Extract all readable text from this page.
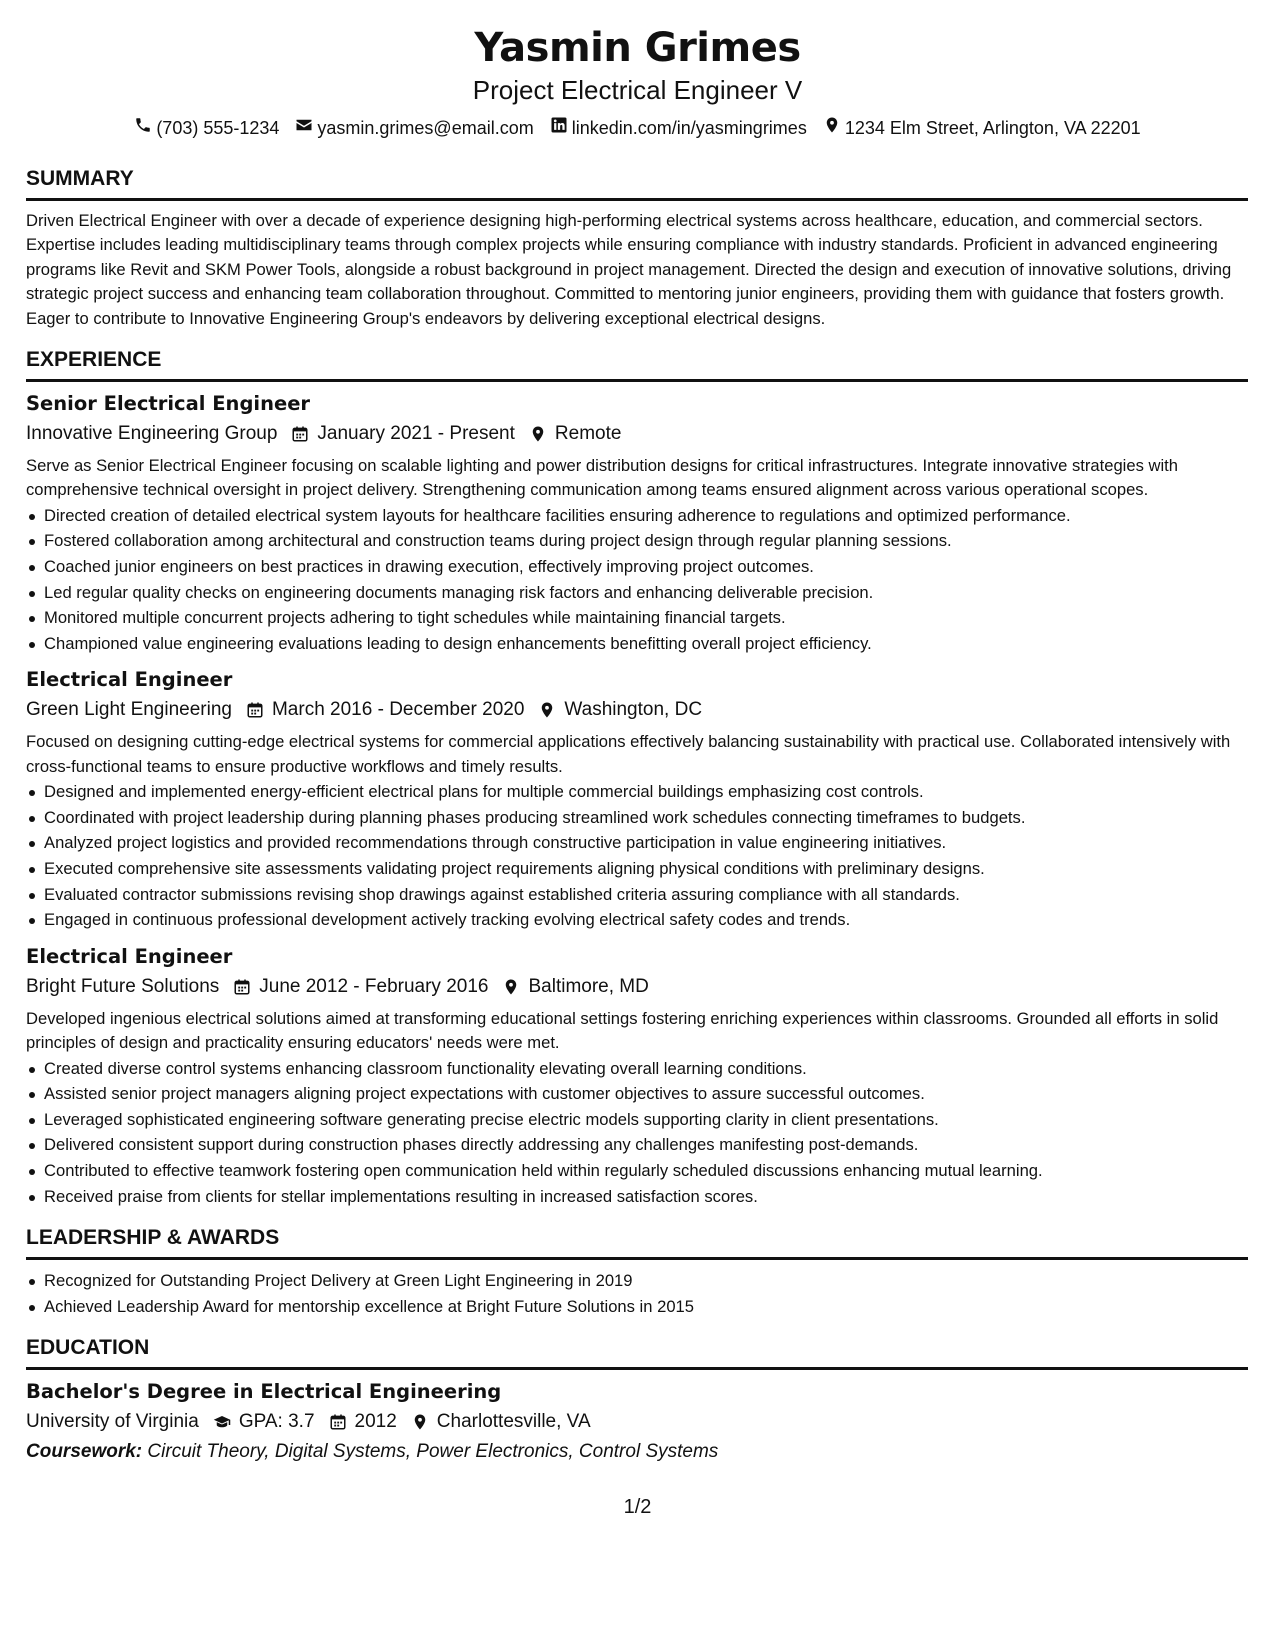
Yasmin Grimes
Project Electrical Engineer V
(703) 555-1234 yasmin.grimes@email.com linkedin.com/in/yasmingrimes 1234 Elm Street, Arlington, VA 22201
SUMMARY
Driven Electrical Engineer with over a decade of experience designing high-performing electrical systems across healthcare, education, and commercial sectors. Expertise includes leading multidisciplinary teams through complex projects while ensuring compliance with industry standards. Proficient in advanced engineering programs like Revit and SKM Power Tools, alongside a robust background in project management. Directed the design and execution of innovative solutions, driving strategic project success and enhancing team collaboration throughout. Committed to mentoring junior engineers, providing them with guidance that fosters growth. Eager to contribute to Innovative Engineering Group's endeavors by delivering exceptional electrical designs.
EXPERIENCE
Senior Electrical Engineer
Innovative Engineering Group January 2021 - Present Remote
Serve as Senior Electrical Engineer focusing on scalable lighting and power distribution designs for critical infrastructures. Integrate innovative strategies with comprehensive technical oversight in project delivery. Strengthening communication among teams ensured alignment across various operational scopes.
Directed creation of detailed electrical system layouts for healthcare facilities ensuring adherence to regulations and optimized performance.
Fostered collaboration among architectural and construction teams during project design through regular planning sessions.
Coached junior engineers on best practices in drawing execution, effectively improving project outcomes.
Led regular quality checks on engineering documents managing risk factors and enhancing deliverable precision.
Monitored multiple concurrent projects adhering to tight schedules while maintaining financial targets.
Championed value engineering evaluations leading to design enhancements benefitting overall project efficiency.
Electrical Engineer
Green Light Engineering March 2016 - December 2020 Washington, DC
Focused on designing cutting-edge electrical systems for commercial applications effectively balancing sustainability with practical use. Collaborated intensively with cross-functional teams to ensure productive workflows and timely results.
Designed and implemented energy-efficient electrical plans for multiple commercial buildings emphasizing cost controls.
Coordinated with project leadership during planning phases producing streamlined work schedules connecting timeframes to budgets.
Analyzed project logistics and provided recommendations through constructive participation in value engineering initiatives.
Executed comprehensive site assessments validating project requirements aligning physical conditions with preliminary designs.
Evaluated contractor submissions revising shop drawings against established criteria assuring compliance with all standards.
Engaged in continuous professional development actively tracking evolving electrical safety codes and trends.
Electrical Engineer
Bright Future Solutions June 2012 - February 2016 Baltimore, MD
Developed ingenious electrical solutions aimed at transforming educational settings fostering enriching experiences within classrooms. Grounded all efforts in solid principles of design and practicality ensuring educators' needs were met.
Created diverse control systems enhancing classroom functionality elevating overall learning conditions.
Assisted senior project managers aligning project expectations with customer objectives to assure successful outcomes.
Leveraged sophisticated engineering software generating precise electric models supporting clarity in client presentations.
Delivered consistent support during construction phases directly addressing any challenges manifesting post-demands.
Contributed to effective teamwork fostering open communication held within regularly scheduled discussions enhancing mutual learning.
Received praise from clients for stellar implementations resulting in increased satisfaction scores.
LEADERSHIP & AWARDS
Recognized for Outstanding Project Delivery at Green Light Engineering in 2019
Achieved Leadership Award for mentorship excellence at Bright Future Solutions in 2015
EDUCATION
Bachelor's Degree in Electrical Engineering
University of Virginia GPA: 3.7 2012 Charlottesville, VA
Coursework: Circuit Theory, Digital Systems, Power Electronics, Control Systems
1/2
